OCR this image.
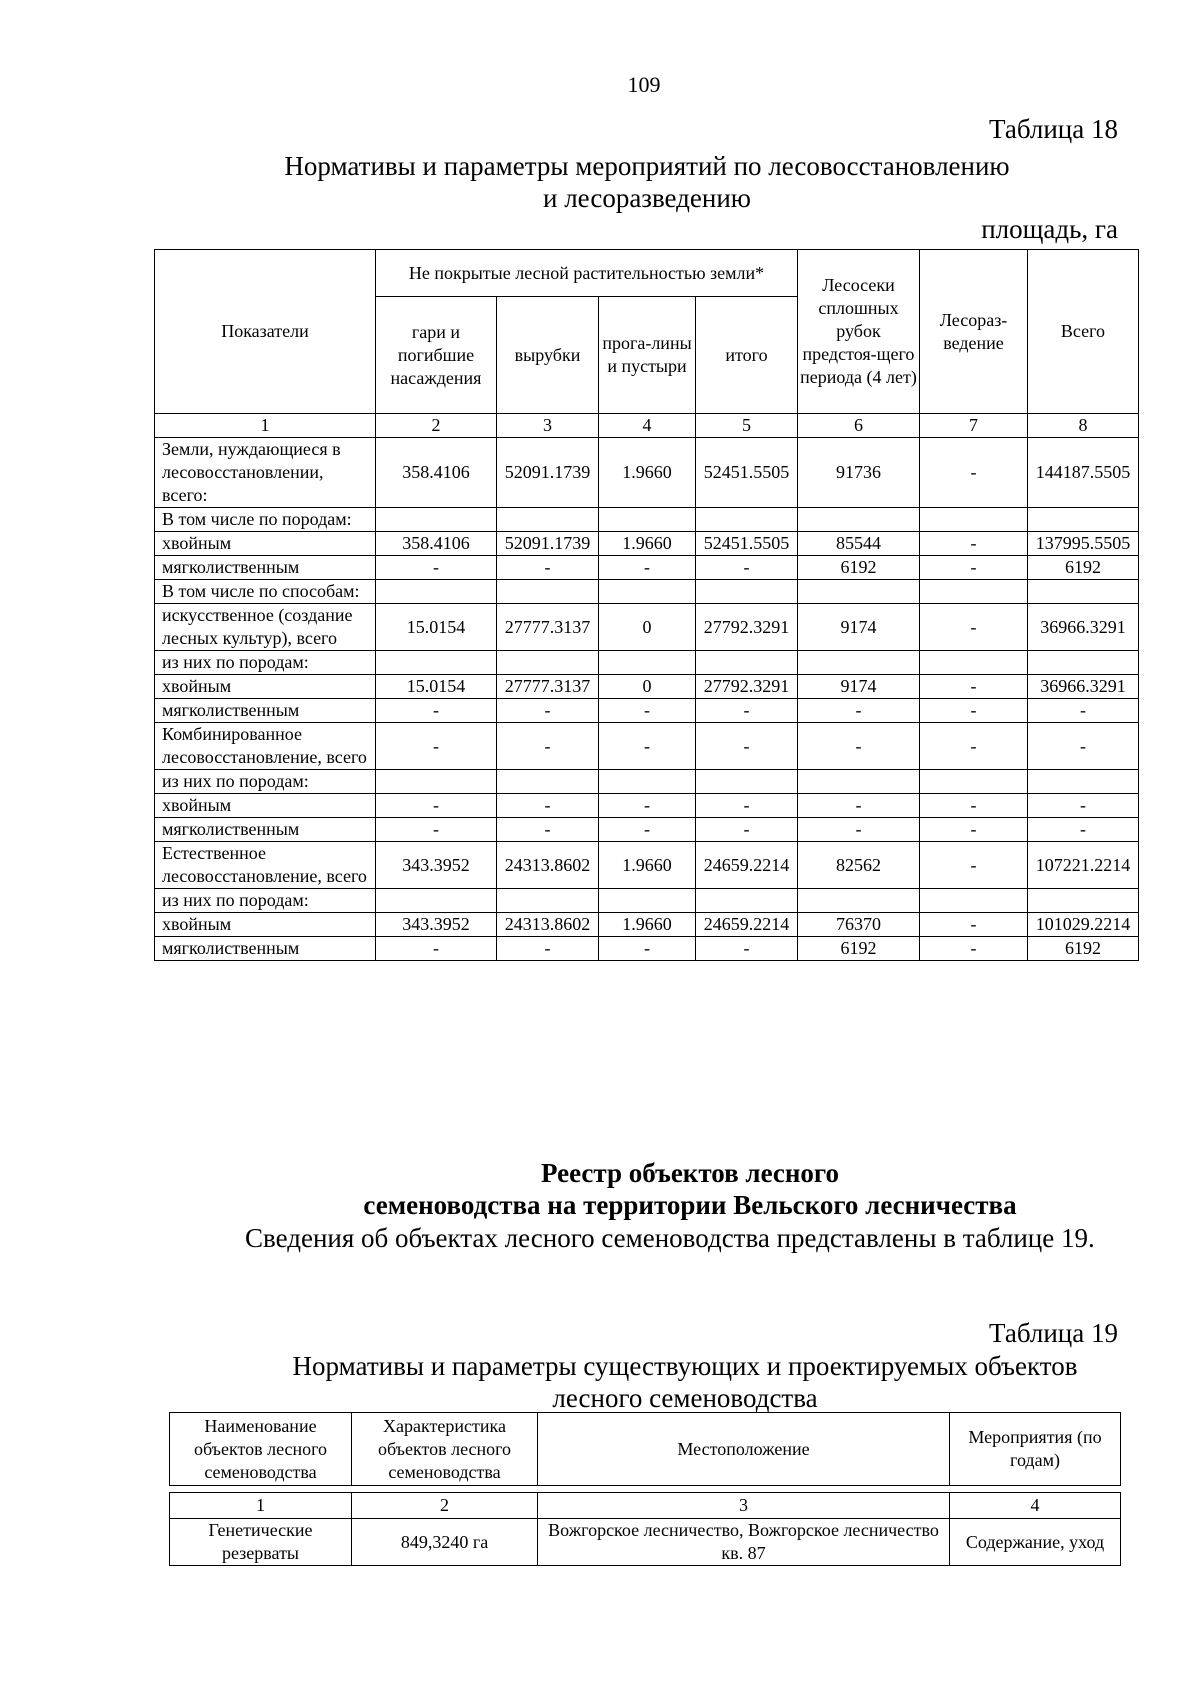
109
Таблица 18
Нормативы и параметры мероприятий по лесовосстановлению
и лесоразведению
площадь, га
Показатели	Не покрытые лесной растительностью земли*				Лесосеки сплошных рубок предстоя-щего периода (4 лет)	Лесораз-ведение	Всего
	гари и погибшие насаждения	вырубки	прога-лины и пустыри	итого			
1	2	3	4	5	6	7	8
Земли, нуждающиеся в лесовосстановлении, всего:	358.4106	52091.1739	1.9660	52451.5505	91736	-	144187.5505
В том числе по породам:							
хвойным	358.4106	52091.1739	1.9660	52451.5505	85544	-	137995.5505
мягколиственным	-	-	-	-	6192	-	6192
В том числе по способам:							
искусственное (создание лесных культур), всего	15.0154	27777.3137	0	27792.3291	9174	-	36966.3291
из них по породам:							
хвойным	15.0154	27777.3137	0	27792.3291	9174	-	36966.3291
мягколиственным	-	-	-	-	-	-	-
Комбинированное лесовосстановление, всего	-	-	-	-	-	-	-
из них по породам:							
хвойным	-	-	-	-	-	-	-
мягколиственным	-	-	-	-	-	-	-
Естественное лесовосстановление, всего	343.3952	24313.8602	1.9660	24659.2214	82562	-	107221.2214
из них по породам:							
хвойным	343.3952	24313.8602	1.9660	24659.2214	76370	-	101029.2214
мягколиственным	-	-	-	-	6192	-	6192
Реестр объектов лесного
семеноводства на территории Вельского лесничества
Сведения об объектах лесного семеноводства представлены в таблице 19.
Таблица 19
Нормативы и параметры существующих и проектируемых объектов
лесного семеноводства
Наименование объектов лесного семеноводства	Характеристика объектов лесного семеноводства	Местоположение	Мероприятия (по годам)

1	2	3	4
Генетические резерваты	849,3240 га	Вожгорское лесничество, Вожгорское лесничество кв. 87	Содержание, уход
